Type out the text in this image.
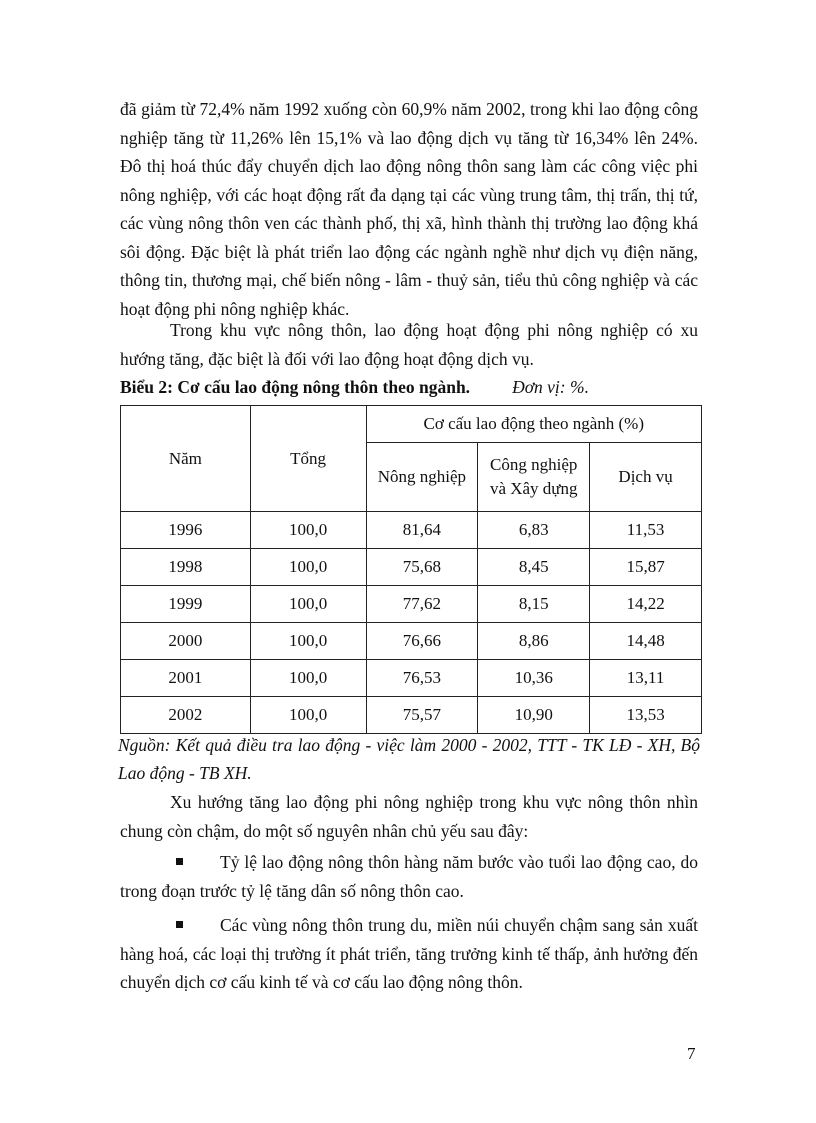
đã giảm từ 72,4% năm 1992 xuống còn 60,9% năm 2002, trong khi lao động công nghiệp tăng từ 11,26% lên 15,1% và lao động dịch vụ tăng từ 16,34% lên 24%. Đô thị hoá thúc đẩy chuyển dịch lao động nông thôn sang làm các công việc phi nông nghiệp, với các hoạt động rất đa dạng tại các vùng trung tâm, thị trấn, thị tứ, các vùng nông thôn ven các thành phố, thị xã, hình thành thị trường lao động khá sôi động. Đặc biệt là phát triển lao động các ngành nghề như dịch vụ điện năng, thông tin, thương mại, chế biến nông - lâm - thuỷ sản, tiểu thủ công nghiệp và các hoạt động phi nông nghiệp khác.

Trong khu vực nông thôn, lao động hoạt động phi nông nghiệp có xu hướng tăng, đặc biệt là đối với lao động hoạt động dịch vụ.

Biểu 2: Cơ cấu lao động nông thôn theo ngành. Đơn vị: %.
Năm	Tổng	Cơ cấu lao động theo ngành (%)		
		Nông nghiệp	Công nghiệp
và Xây dựng	Dịch vụ
1996	100,0	81,64	6,83	11,53
1998	100,0	75,68	8,45	15,87
1999	100,0	77,62	8,15	14,22
2000	100,0	76,66	8,86	14,48
2001	100,0	76,53	10,36	13,11
2002	100,0	75,57	10,90	13,53

Nguồn: Kết quả điều tra lao động - việc làm 2000 - 2002, TTT - TK LĐ - XH, Bộ Lao động - TB XH.

Xu hướng tăng lao động phi nông nghiệp trong khu vực nông thôn nhìn chung còn chậm, do một số nguyên nhân chủ yếu sau đây:

Tỷ lệ lao động nông thôn hàng năm bước vào tuổi lao động cao, do trong đoạn trước tỷ lệ tăng dân số nông thôn cao.

Các vùng nông thôn trung du, miền núi chuyển chậm sang sản xuất hàng hoá, các loại thị trường ít phát triển, tăng trưởng kinh tế thấp, ảnh hưởng đến chuyển dịch cơ cấu kinh tế và cơ cấu lao động nông thôn.

7
